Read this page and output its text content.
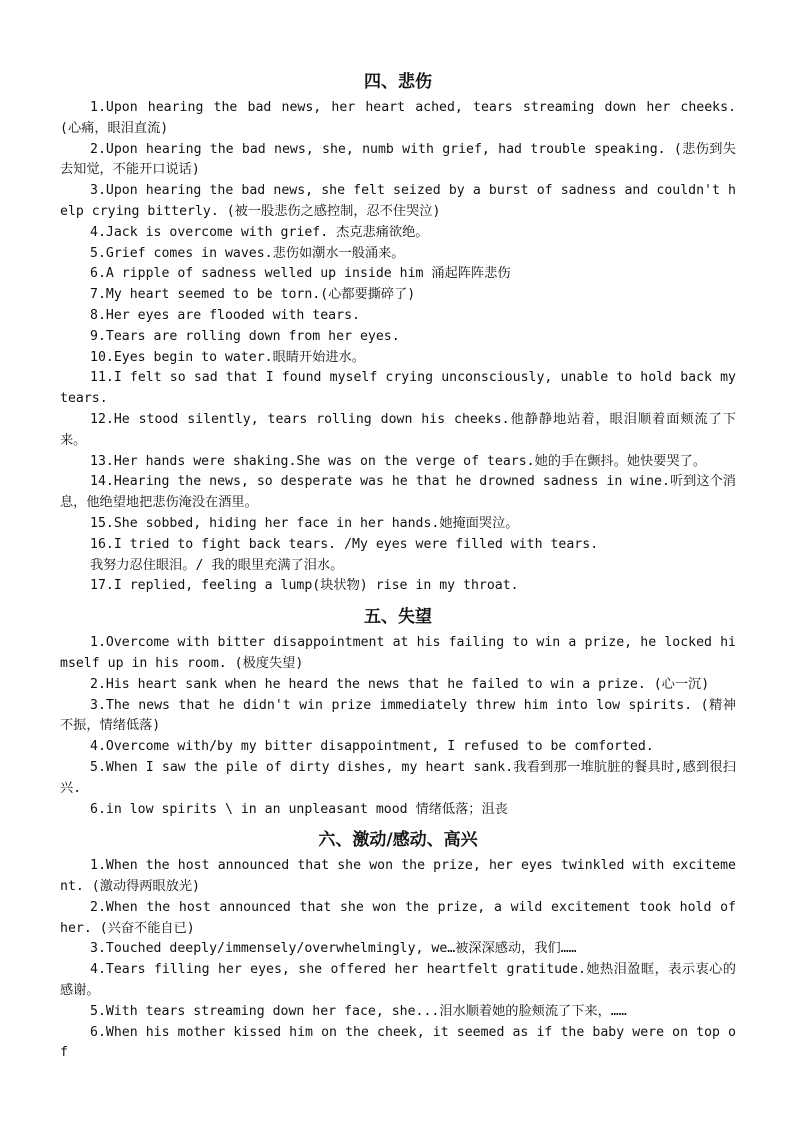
四、悲伤

1.Upon hearing the bad news, her heart ached, tears streaming down her cheeks. (心痛，眼泪直流)

2.Upon hearing the bad news, she, numb with grief, had trouble speaking. (悲伤到失去知觉，不能开口说话)

3.Upon hearing the bad news, she felt seized by a burst of sadness and couldn't help crying bitterly. (被一股悲伤之感控制，忍不住哭泣)

4.Jack is overcome with grief. 杰克悲痛欲绝。

5.Grief comes in waves.悲伤如潮水一般涌来。

6.A ripple of sadness welled up inside him 涌起阵阵悲伤

7.My heart seemed to be torn.(心都要撕碎了)

8.Her eyes are flooded with tears.

9.Tears are rolling down from her eyes.

10.Eyes begin to water.眼睛开始进水。

11.I felt so sad that I found myself crying unconsciously, unable to hold back my tears.

12.He stood silently, tears rolling down his cheeks.他静静地站着，眼泪顺着面颊流了下来。

13.Her hands were shaking.She was on the verge of tears.她的手在颤抖。她快要哭了。

14.Hearing the news, so desperate was he that he drowned sadness in wine.听到这个消息，他绝望地把悲伤淹没在酒里。

15.She sobbed, hiding her face in her hands.她掩面哭泣。

16.I tried to fight back tears. /My eyes were filled with tears.

我努力忍住眼泪。/ 我的眼里充满了泪水。

17.I replied, feeling a lump(块状物) rise in my throat.

五、失望

1.Overcome with bitter disappointment at his failing to win a prize, he locked himself up in his room. (极度失望)

2.His heart sank when he heard the news that he failed to win a prize. (心一沉)

3.The news that he didn't win prize immediately threw him into low spirits. (精神不振，情绪低落)

4.Overcome with/by my bitter disappointment, I refused to be comforted.

5.When I saw the pile of dirty dishes, my heart sank.我看到那一堆肮脏的餐具时,感到很扫兴.

6.in low spirits \ in an unpleasant mood 情绪低落；沮丧

六、激动/感动、高兴

1.When the host announced that she won the prize, her eyes twinkled with excitement. (激动得两眼放光)

2.When the host announced that she won the prize, a wild excitement took hold of her. (兴奋不能自已)

3.Touched deeply/immensely/overwhelmingly, we…被深深感动，我们……

4.Tears filling her eyes, she offered her heartfelt gratitude.她热泪盈眶，表示衷心的感谢。

5.With tears streaming down her face, she...泪水顺着她的脸颊流了下来，……

6.When his mother kissed him on the cheek, it seemed as if the baby were on top of
